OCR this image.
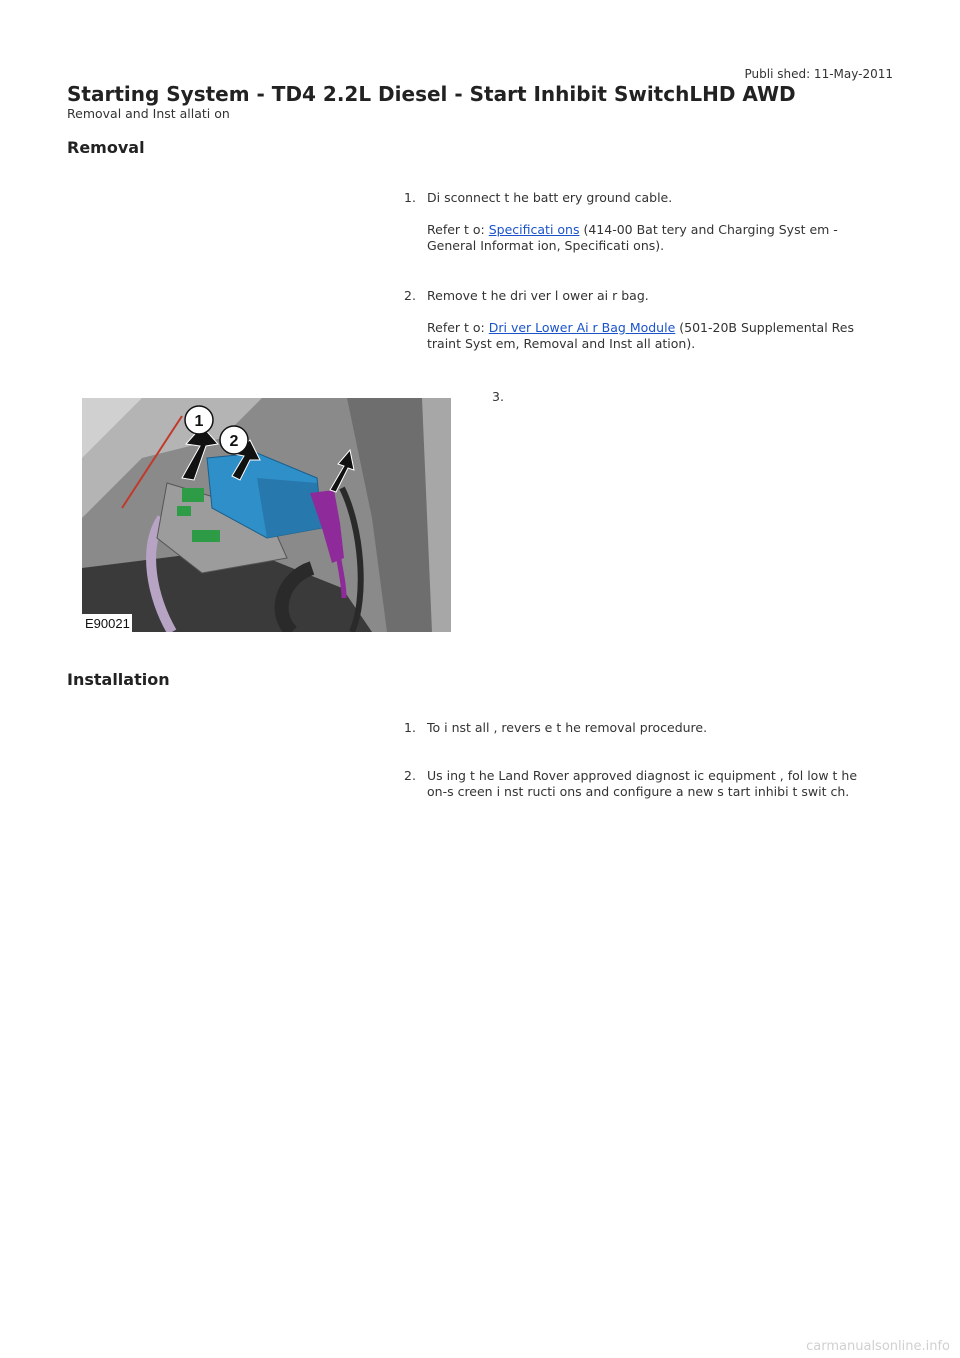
Publi shed: 11-May-2011
Starting System - TD4 2.2L Diesel - Start Inhibit SwitchLHD AWD
Removal and Inst allati on
Removal
1. Di sconnect t he batt ery ground cable.
Refer t o: Specificati ons (414-00 Bat tery and Charging Syst em - General Informat ion, Specificati ons).
2. Remove t he dri ver l ower ai r bag.
Refer t o: Dri ver Lower Ai r Bag Module (501-20B Supplemental Res traint Syst em, Removal and Inst all ation).
3.
1
2
E90021
Installation
1. To i nst all , revers e t he removal procedure.
2. Us ing t he Land Rover approved diagnost ic equipment , fol low t he on-s creen i nst ructi ons and configure a new s tart inhibi t swit ch.
carmanualsonline.info
